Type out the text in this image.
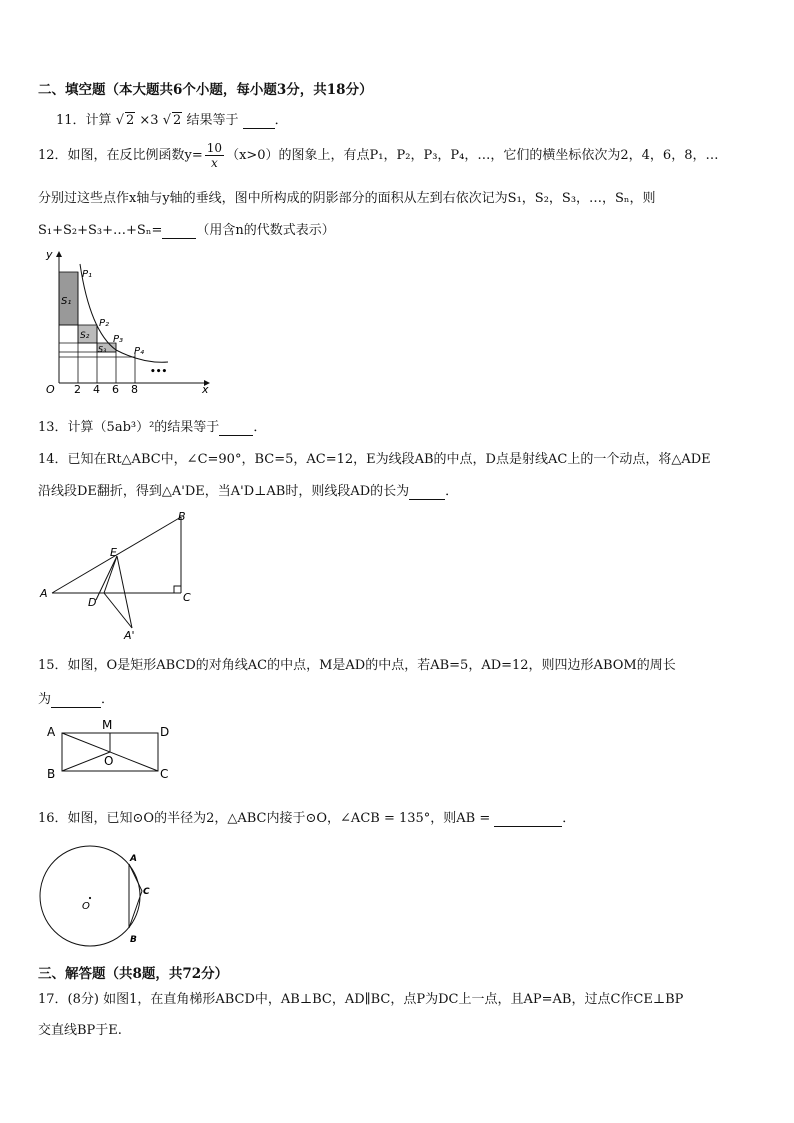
二、填空题（本大题共6个小题，每小题3分，共18分）
11．计算 √ 2 ×3 √ 2 结果等于	．
12．如图，在反比例函数$y= \frac{10}{x} (x>0)$的图象上，有点P₁，P₂，P₃，P₄，…，它们的横坐标依次为2，4，6，8，…
分别过这些点作x轴与y轴的垂线，图中所构成的阴影部分的面积从左到右依次记为S₁，S₂，S₃，…，Sₙ，则
S₁+S₂+S₃+…+Sₙ=	（用含n的代数式表示）
y
x
O
P₁
P₂
P₃
P₄
S₁
S₂
S₃
2 4 6 8
•••
13．计算（5ab³）²的结果等于	．
14．已知在Rt△ABC中，∠C=90°，BC=5，AC=12，E为线段AB的中点，D点是射线AC上的一个动点，将△ADE
沿线段DE翻折，得到△A'DE，当A'D⊥AB时，则线段AD的长为	．
B
A	C
D
E
A'
15．如图，O是矩形ABCD的对角线AC的中点，M是AD的中点，若AB=5，AD=12，则四边形ABOM的周长
为	．
A	M	D
B
O
C
16．如图，已知⊙O的半径为2，△ABC内接于⊙O，∠ACB = 135°，则AB =	．
O
A
C
B
三、解答题（共8题，共72分）
17．(8分) 如图1，在直角梯形ABCD中，AB⊥BC，AD∥BC，点P为DC上一点，且AP=AB，过点C作CE⊥BP
交直线BP于E.
